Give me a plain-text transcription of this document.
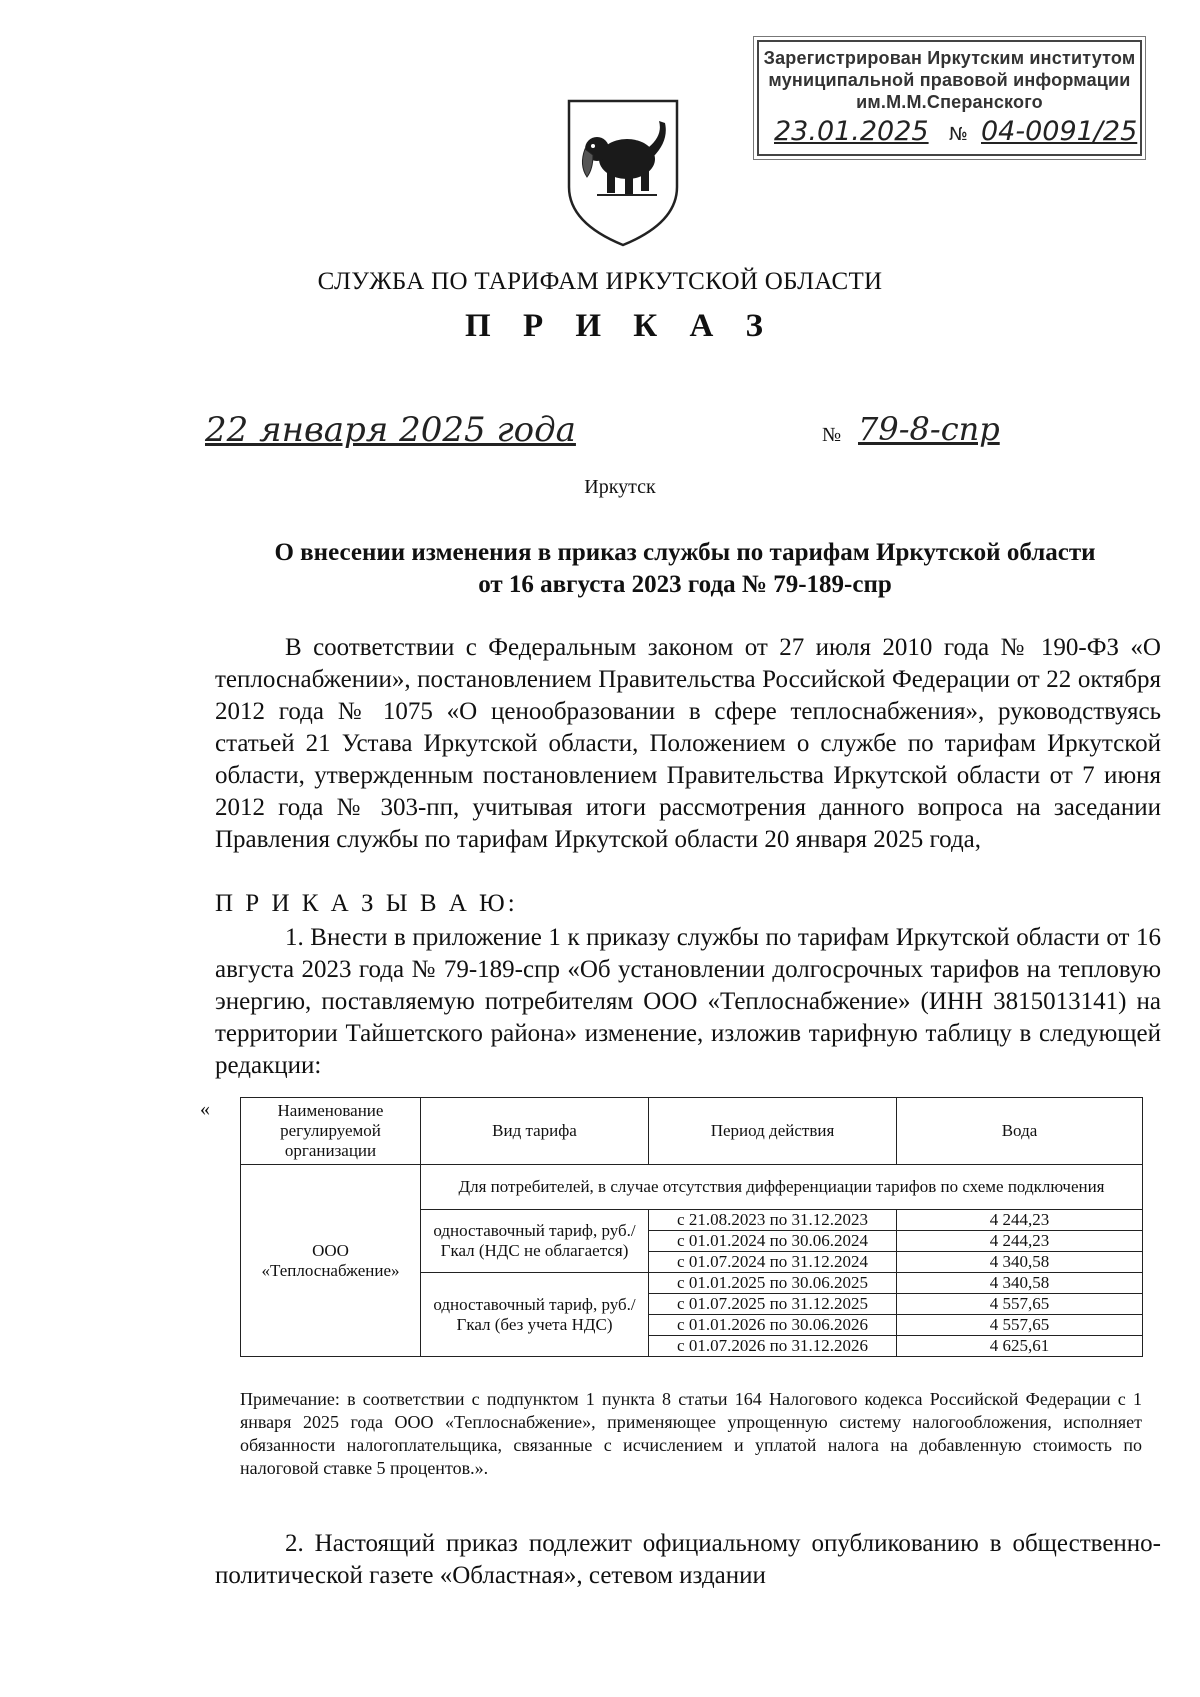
Зарегистрирован Иркутским институтом
муниципальной правовой информации
им.М.М.Сперанского
23.01.2025 № 04-0091/25
СЛУЖБА ПО ТАРИФАМ ИРКУТСКОЙ ОБЛАСТИ
П Р И К А З
22 января 2025 года	№ 79-8-спр
Иркутск
О внесении изменения в приказ службы по тарифам Иркутской области
от 16 августа 2023 года № 79-189-спр

В соответствии с Федеральным законом от 27 июля 2010 года № 190-ФЗ «О теплоснабжении», постановлением Правительства Российской Федерации от 22 октября 2012 года № 1075 «О ценообразовании в сфере теплоснабжения», руководствуясь статьей 21 Устава Иркутской области, Положением о службе по тарифам Иркутской области, утвержденным постановлением Правительства Иркутской области от 7 июня 2012 года № 303-пп, учитывая итоги рассмотрения данного вопроса на заседании Правления службы по тарифам Иркутской области 20 января 2025 года,

П Р И К А З Ы В А Ю:

1. Внести в приложение 1 к приказу службы по тарифам Иркутской области от 16 августа 2023 года № 79-189-спр «Об установлении долгосрочных тарифов на тепловую энергию, поставляемую потребителям ООО «Теплоснабжение» (ИНН 3815013141) на территории Тайшетского района» изменение, изложив тарифную таблицу в следующей редакции:

«	Наименование регулируемой организации	Вид тарифа	Период действия	Вода
ООО «Теплоснабжение»	Для потребителей, в случае отсутствия дифференциации тарифов по схеме подключения		
	одноставочный тариф, руб./Гкал (НДС не облагается)	с 21.08.2023 по 31.12.2023	4 244,23
		с 01.01.2024 по 30.06.2024	4 244,23
		с 01.07.2024 по 31.12.2024	4 340,58
	одноставочный тариф, руб./Гкал (без учета НДС)	с 01.01.2025 по 30.06.2025	4 340,58
		с 01.07.2025 по 31.12.2025	4 557,65
		с 01.01.2026 по 30.06.2026	4 557,65
		с 01.07.2026 по 31.12.2026	4 625,61
Примечание: в соответствии с подпунктом 1 пункта 8 статьи 164 Налогового кодекса Российской Федерации с 1 января 2025 года ООО «Теплоснабжение», применяющее упрощенную систему налогообложения, исполняет обязанности налогоплательщика, связанные с исчислением и уплатой налога на добавленную стоимость по налоговой ставке 5 процентов.».

2. Настоящий приказ подлежит официальному опубликованию в общественно-политической газете «Областная», сетевом издании
